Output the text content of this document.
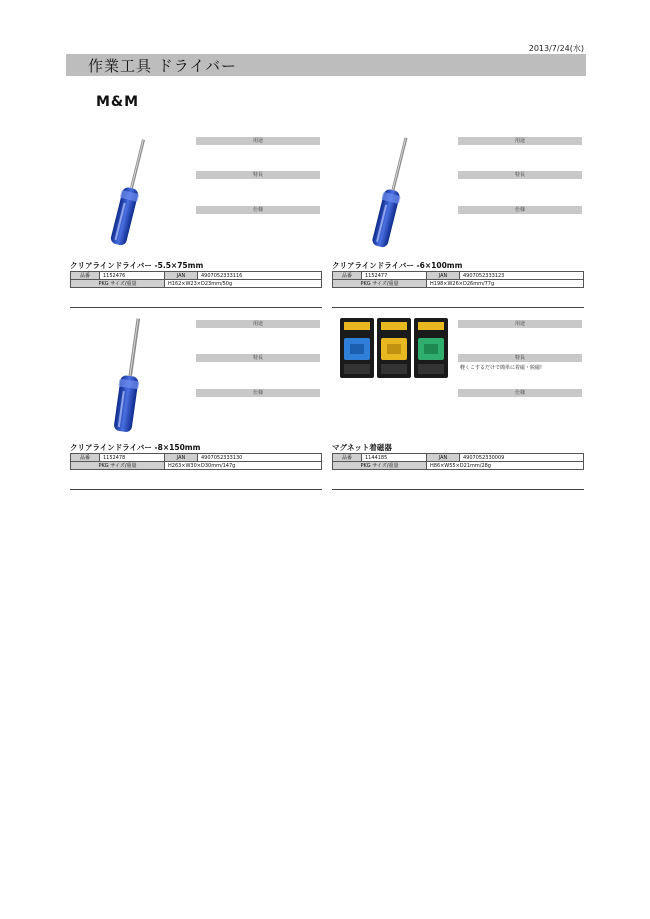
2013/7/24(水)
作業工具 ドライバー
M&M
用途
特長
仕様
クリアラインドライバー -5.5×75mm
品番	1152476	JAN	4907052333116
PKG サイズ/重量		H162×W23×D23mm/50g	
用途
特長
仕様
クリアラインドライバー -6×100mm
品番	1152477	JAN	4907052333123
PKG サイズ/重量		H198×W26×D26mm/77g	
用途
特長
仕様
クリアラインドライバー -8×150mm
品番	1152478	JAN	4907052333130
PKG サイズ/重量		H263×W30×D30mm/147g	
用途
特長
軽くこするだけで簡単に着磁・脱磁!
仕様
マグネット着磁器
品番	1144185	JAN	4907052330009
PKG サイズ/重量		H86×W55×D21mm/28g	
